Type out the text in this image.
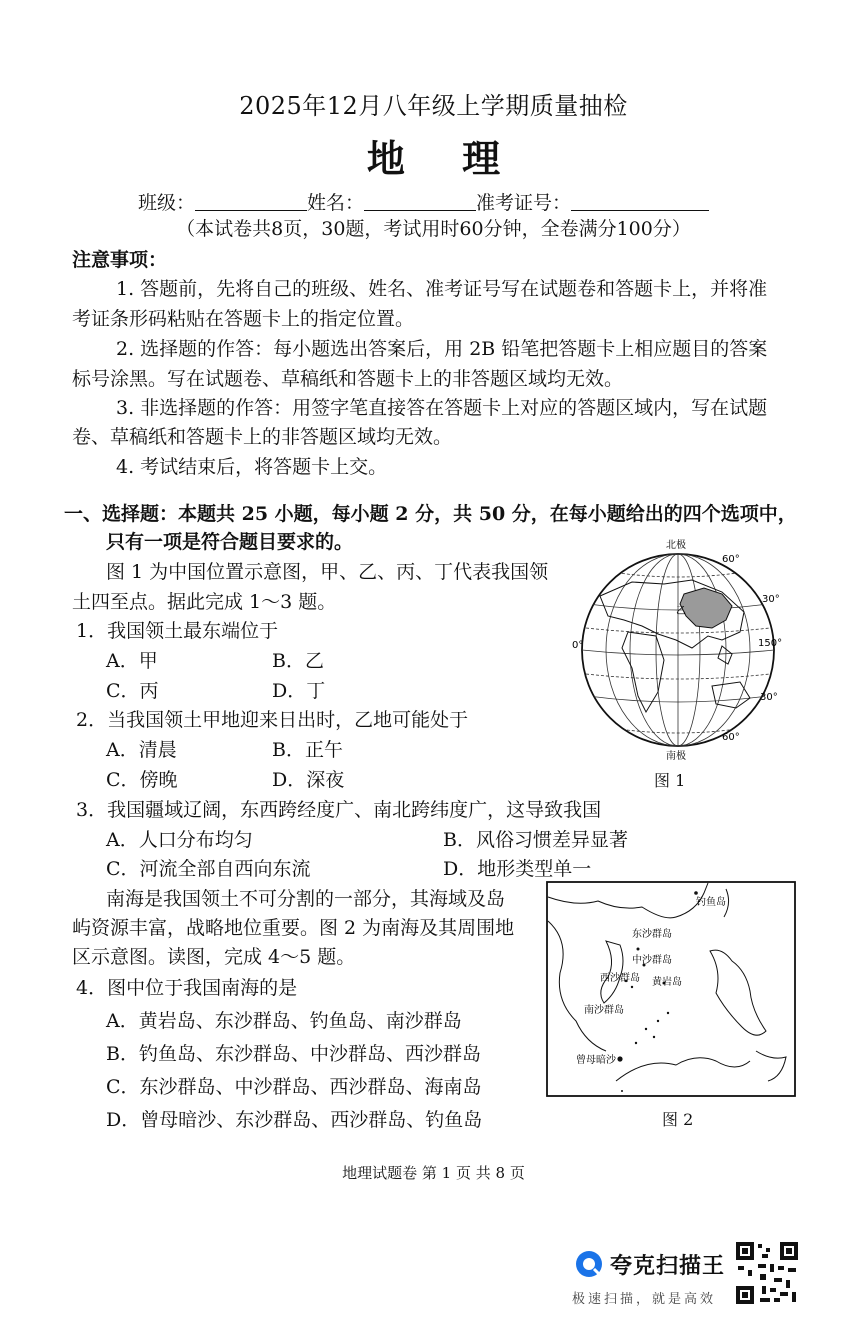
2025年12月八年级上学期质量抽检
地 理
班级：	姓名：	准考证号：
（本试卷共8页，30题，考试用时60分钟，全卷满分100分）
注意事项：
1. 答题前，先将自己的班级、姓名、准考证号写在试题卷和答题卡上，并将准
考证条形码粘贴在答题卡上的指定位置。
2. 选择题的作答：每小题选出答案后，用 2B 铅笔把答题卡上相应题目的答案
标号涂黑。写在试题卷、草稿纸和答题卡上的非答题区域均无效。
3. 非选择题的作答：用签字笔直接答在答题卡上对应的答题区域内，写在试题
卷、草稿纸和答题卡上的非答题区域均无效。
4. 考试结束后，将答题卡上交。
一、选择题：本题共 25 小题，每小题 2 分，共 50 分，在每小题给出的四个选项中，
只有一项是符合题目要求的。
图 1 为中国位置示意图，甲、乙、丙、丁代表我国领
土四至点。据此完成 1～3 题。
1．我国领土最东端位于
A．甲	B．乙
C．丙	D．丁
2．当我国领土甲地迎来日出时，乙地可能处于
A．清晨	B．正午
C．傍晚	D．深夜
3．我国疆域辽阔，东西跨经度广、南北跨纬度广，这导致我国
A．人口分布均匀	B．风俗习惯差异显著
C．河流全部自西向东流	D．地形类型单一
南海是我国领土不可分割的一部分，其海域及岛
屿资源丰富，战略地位重要。图 2 为南海及其周围地
区示意图。读图，完成 4～5 题。
4．图中位于我国南海的是
A．黄岩岛、东沙群岛、钓鱼岛、南沙群岛
B．钓鱼岛、东沙群岛、中沙群岛、西沙群岛
C．东沙群岛、中沙群岛、西沙群岛、海南岛
D．曾母暗沙、东沙群岛、西沙群岛、钓鱼岛
北极
南极
乙
60°
30°
0°
30°
60°
150°
图 1
钓鱼岛
东沙群岛
中沙群岛
西沙群岛 黄岩岛
南沙群岛
曾母暗沙
图 2
地理试题卷 第 1 页 共 8 页
夸克扫描王
极速扫描，就是高效
